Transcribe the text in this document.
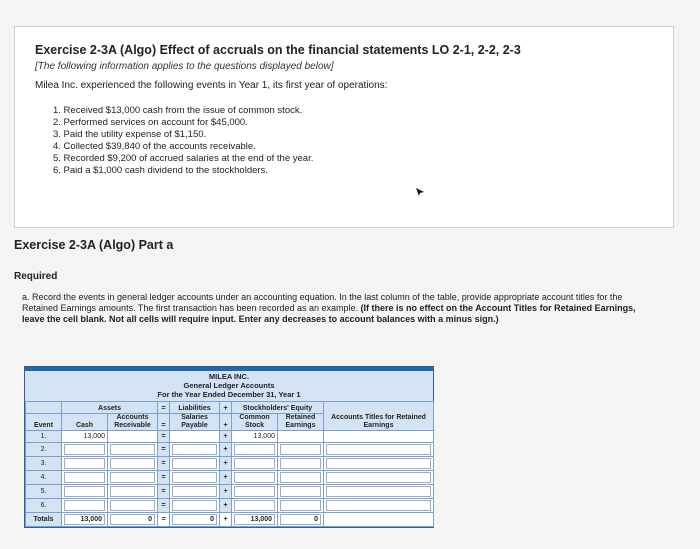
Exercise 2-3A (Algo) Effect of accruals on the financial statements LO 2-1, 2-2, 2-3

[The following information applies to the questions displayed below]

Milea Inc. experienced the following events in Year 1, its first year of operations:

1. Received $13,000 cash from the issue of common stock.
2. Performed services on account for $45,000.
3. Paid the utility expense of $1,150.
4. Collected $39,840 of the accounts receivable.
5. Recorded $9,200 of accrued salaries at the end of the year.
6. Paid a $1,000 cash dividend to the stockholders.
Exercise 2-3A (Algo) Part a
Required
a. Record the events in general ledger accounts under an accounting equation. In the last column of the table, provide appropriate account titles for the Retained Earnings amounts. The first transaction has been recorded as an example. (If there is no effect on the Account Titles for Retained Earnings, leave the cell blank. Not all cells will require input. Enter any decreases to account balances with a minus sign.)
MILEA INC.
General Ledger Accounts
For the Year Ended December 31, Year 1
	Assets		=	Liabilities	+	Stockholders' Equity		Accounts Titles for Retained Earnings
Event	Cash	Accounts Receivable	=	Salaries Payable	+	Common Stock	Retained Earnings	
1.	13,000		=		+	13,000		
2.			=		+	

3.			=		+	

4.			=		+	

5.			=		+	

6.			=		+	

Totals	13,000	0	=	0	+	13,000	0	
